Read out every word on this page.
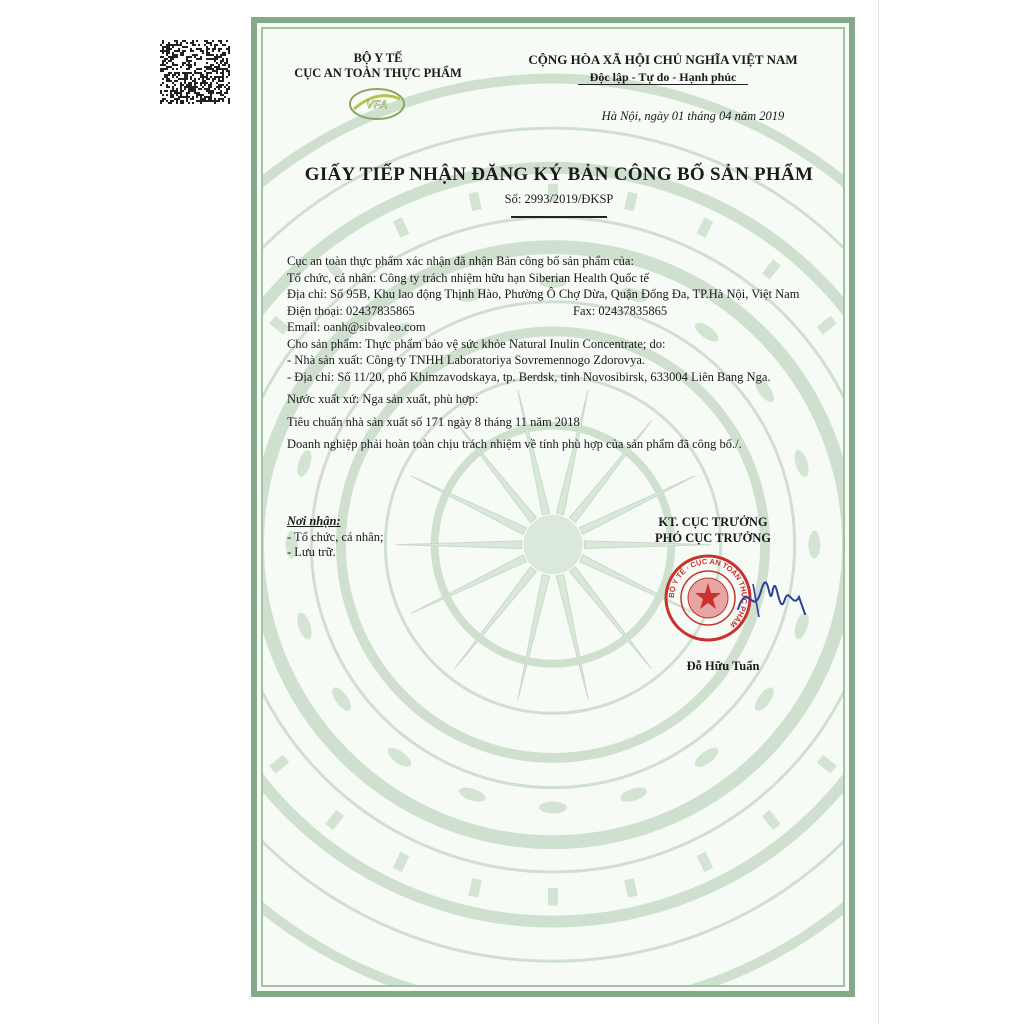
BỘ Y TẾ
CỤC AN TOÀN THỰC PHẨM

VFA

CỘNG HÒA XÃ HỘI CHỦ NGHĨA VIỆT NAM
Độc lập - Tự do - Hạnh phúc

Hà Nội, ngày 01 tháng 04 năm 2019

GIẤY TIẾP NHẬN ĐĂNG KÝ BẢN CÔNG BỐ SẢN PHẨM

Số: 2993/2019/ĐKSP

Cục an toàn thực phẩm xác nhận đã nhận Bản công bố sản phẩm của:

Tổ chức, cá nhân: Công ty trách nhiệm hữu hạn Siberian Health Quốc tế

Địa chỉ: Số 95B, Khu lao động Thịnh Hào, Phường Ô Chợ Dừa, Quận Đống Đa, TP.Hà Nội, Việt Nam

Điện thoại: 02437835865	Fax: 02437835865

Email: oanh@sibvaleo.com

Cho sản phẩm: Thực phẩm bảo vệ sức khỏe Natural Inulin Concentrate; do:

- Nhà sản xuất: Công ty TNHH Laboratoriya Sovremennogo Zdorovya.

- Địa chỉ: Số 11/20, phố Khimzavodskaya, tp. Berdsk, tỉnh Novosibirsk, 633004 Liên Bang Nga.

Nước xuất xứ: Nga sản xuất, phù hợp:

Tiêu chuẩn nhà sản xuất số 171 ngày 8 tháng 11 năm 2018

Doanh nghiệp phải hoàn toàn chịu trách nhiệm về tính phù hợp của sản phẩm đã công bố./.

Nơi nhận:
- Tổ chức, cá nhân;
- Lưu trữ.
KT. CỤC TRƯỞNG
PHÓ CỤC TRƯỞNG
BỘ Y TẾ · CỤC AN TOÀN THỰC PHẨM

Đỗ Hữu Tuấn
